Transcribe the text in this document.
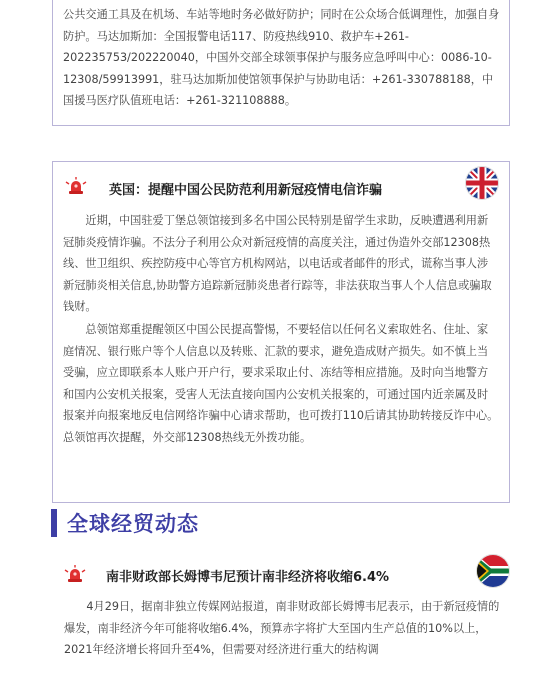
公共交通工具及在机场、车站等地时务必做好防护；同时在公众场合低调理性，加强自身防护。马达加斯加：全国报警电话117、防疫热线910、救护车+261-202235753/202220040，中国外交部全球领事保护与服务应急呼叫中心：0086-10-12308/59913991，驻马达加斯加使馆领事保护与协助电话：+261-330788188，中国援马医疗队值班电话：+261-321108888。

英国：提醒中国公民防范利用新冠疫情电信诈骗

近期，中国驻爱丁堡总领馆接到多名中国公民特别是留学生求助，反映遭遇利用新冠肺炎疫情诈骗。不法分子利用公众对新冠疫情的高度关注，通过伪造外交部12308热线、世卫组织、疾控防疫中心等官方机构网站，以电话或者邮件的形式，谎称当事人涉新冠肺炎相关信息,协助警方追踪新冠肺炎患者行踪等，非法获取当事人个人信息或骗取钱财。

总领馆郑重提醒领区中国公民提高警惕，不要轻信以任何名义索取姓名、住址、家庭情况、银行账户等个人信息以及转账、汇款的要求，避免造成财产损失。如不慎上当受骗，应立即联系本人账户开户行，要求采取止付、冻结等相应措施。及时向当地警方和国内公安机关报案，受害人无法直接向国内公安机关报案的，可通过国内近亲属及时报案并向报案地反电信网络诈骗中心请求帮助，也可拨打110后请其协助转接反诈中心。总领馆再次提醒，外交部12308热线无外拨功能。

全球经贸动态
南非财政部长姆博韦尼预计南非经济将收缩6.4%

4月29日，据南非独立传媒网站报道，南非财政部长姆博韦尼表示，由于新冠疫情的爆发，南非经济今年可能将收缩6.4%，预算赤字将扩大至国内生产总值的10%以上，2021年经济增长将回升至4%，但需要对经济进行重大的结构调
